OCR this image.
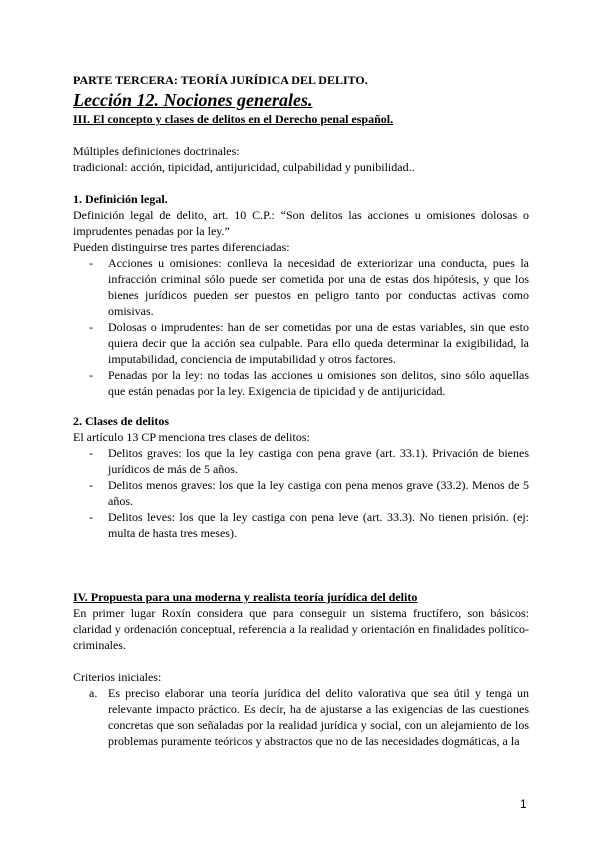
PARTE TERCERA: TEORÍA JURÍDICA DEL DELITO.

Lección 12. Nociones generales.

III. El concepto y clases de delitos en el Derecho penal español.

Múltiples definiciones doctrinales:

tradicional: acción, tipicidad, antijuricidad, culpabilidad y punibilidad..

1. Definición legal.

Definición legal de delito, art. 10 C.P.: “Son delitos las acciones u omisiones dolosas o imprudentes penadas por la ley.”

Pueden distinguirse tres partes diferenciadas:

- Acciones u omisiones: conlleva la necesidad de exteriorizar una conducta, pues la infracción criminal sólo puede ser cometida por una de estas dos hipótesis, y que los bienes jurídicos pueden ser puestos en peligro tanto por conductas activas como omisivas.
- Dolosas o imprudentes: han de ser cometidas por una de estas variables, sin que esto quiera decir que la acción sea culpable. Para ello queda determinar la exigibilidad, la imputabilidad, conciencia de imputabilidad y otros factores.
- Penadas por la ley: no todas las acciones u omisiones son delitos, sino sólo aquellas que están penadas por la ley. Exigencia de tipicidad y de antijuricidad.

2. Clases de delitos

El artículo 13 CP menciona tres clases de delitos:

- Delitos graves: los que la ley castiga con pena grave (art. 33.1). Privación de bienes jurídicos de más de 5 años.
- Delitos menos graves: los que la ley castiga con pena menos grave (33.2). Menos de 5 años.
- Delitos leves: los que la ley castiga con pena leve (art. 33.3). No tienen prisión. (ej: multa de hasta tres meses).

IV. Propuesta para una moderna y realista teoría jurídica del delito

En primer lugar Roxín considera que para conseguir un sistema fructífero, son básicos: claridad y ordenación conceptual, referencia a la realidad y orientación en finalidades político-criminales.

Criterios iniciales:

a. Es preciso elaborar una teoría jurídica del delito valorativa que sea útil y tenga un relevante impacto práctico. Es decir, ha de ajustarse a las exigencias de las cuestiones concretas que son señaladas por la realidad jurídica y social, con un alejamiento de los problemas puramente teóricos y abstractos que no de las necesidades dogmáticas, a la
1
